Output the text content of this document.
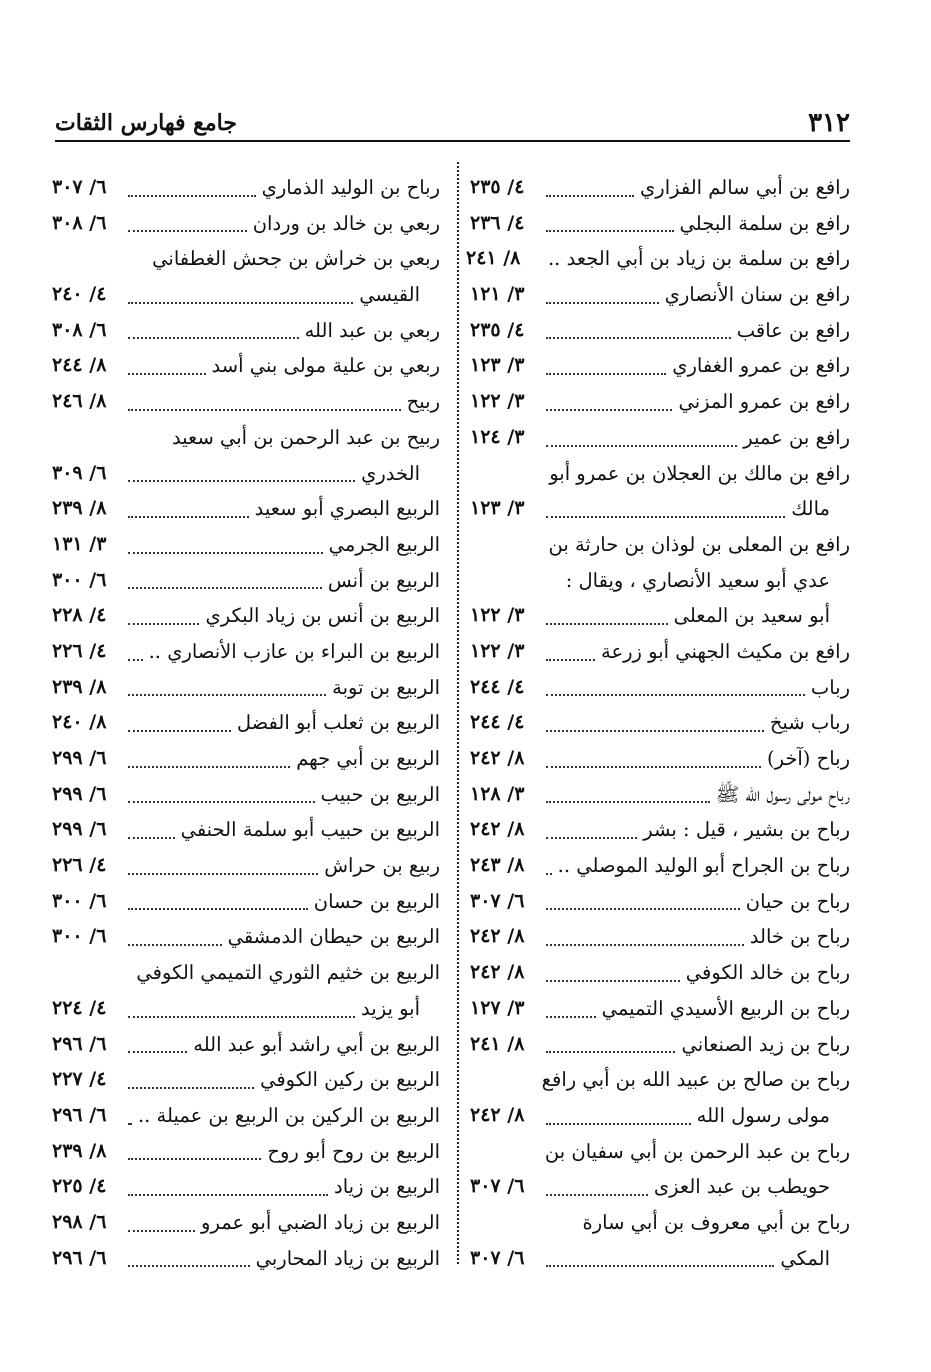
٣١٢
جامع فهارس الثقات
رافع بن أبي سالم الفزاري
٤/ ٢٣٥
رافع بن سلمة البجلي
٤/ ٢٣٦
رافع بن سلمة بن زياد بن أبي الجعد ..
٨/ ٢٤١
رافع بن سنان الأنصاري
٣/ ١٢١
رافع بن عاقب
٤/ ٢٣٥
رافع بن عمرو الغفاري
٣/ ١٢٣
رافع بن عمرو المزني
٣/ ١٢٢
رافع بن عمير
٣/ ١٢٤
رافع بن مالك بن العجلان بن عمرو أبو
مالك
٣/ ١٢٣
رافع بن المعلى بن لوذان بن حارثة بن
عدي أبو سعيد الأنصاري ، ويقال :
أبو سعيد بن المعلى
٣/ ١٢٢
رافع بن مكيث الجهني أبو زرعة
٣/ ١٢٢
رباب
٤/ ٢٤٤
رباب شيخ
٤/ ٢٤٤
رباح (آخر)
٨/ ٢٤٢
رباح مولى رسول الله ﷺ
٣/ ١٢٨
رباح بن بشير ، قيل : بشر
٨/ ٢٤٢
رباح بن الجراح أبو الوليد الموصلي ..
٨/ ٢٤٣
رباح بن حيان
٦/ ٣٠٧
رباح بن خالد
٨/ ٢٤٢
رباح بن خالد الكوفي
٨/ ٢٤٢
رباح بن الربيع الأسيدي التميمي
٣/ ١٢٧
رباح بن زيد الصنعاني
٨/ ٢٤١
رباح بن صالح بن عبيد الله بن أبي رافع
مولى رسول الله
٨/ ٢٤٢
رباح بن عبد الرحمن بن أبي سفيان بن
حويطب بن عبد العزى
٦/ ٣٠٧
رباح بن أبي معروف بن أبي سارة
المكي
٦/ ٣٠٧
رباح بن الوليد الذماري
٦/ ٣٠٧
ربعي بن خالد بن وردان
٦/ ٣٠٨
ربعي بن خراش بن جحش الغطفاني
القيسي
٤/ ٢٤٠
ربعي بن عبد الله
٦/ ٣٠٨
ربعي بن علية مولى بني أسد
٨/ ٢٤٤
ربيح
٨/ ٢٤٦
ربيح بن عبد الرحمن بن أبي سعيد
الخدري
٦/ ٣٠٩
الربيع البصري أبو سعيد
٨/ ٢٣٩
الربيع الجرمي
٣/ ١٣١
الربيع بن أنس
٦/ ٣٠٠
الربيع بن أنس بن زياد البكري
٤/ ٢٢٨
الربيع بن البراء بن عازب الأنصاري ..
٤/ ٢٢٦
الربيع بن توبة
٨/ ٢٣٩
الربيع بن ثعلب أبو الفضل
٨/ ٢٤٠
الربيع بن أبي جهم
٦/ ٢٩٩
الربيع بن حبيب
٦/ ٢٩٩
الربيع بن حبيب أبو سلمة الحنفي
٦/ ٢٩٩
ربيع بن حراش
٤/ ٢٢٦
الربيع بن حسان
٦/ ٣٠٠
الربيع بن حيطان الدمشقي
٦/ ٣٠٠
الربيع بن خثيم الثوري التميمي الكوفي
أبو يزيد
٤/ ٢٢٤
الربيع بن أبي راشد أبو عبد الله
٦/ ٢٩٦
الربيع بن ركين الكوفي
٤/ ٢٢٧
الربيع بن الركين بن الربيع بن عميلة ..
٦/ ٢٩٦
الربيع بن روح أبو روح
٨/ ٢٣٩
الربيع بن زياد
٤/ ٢٢٥
الربيع بن زياد الضبي أبو عمرو
٦/ ٢٩٨
الربيع بن زياد المحاربي
٦/ ٢٩٦
